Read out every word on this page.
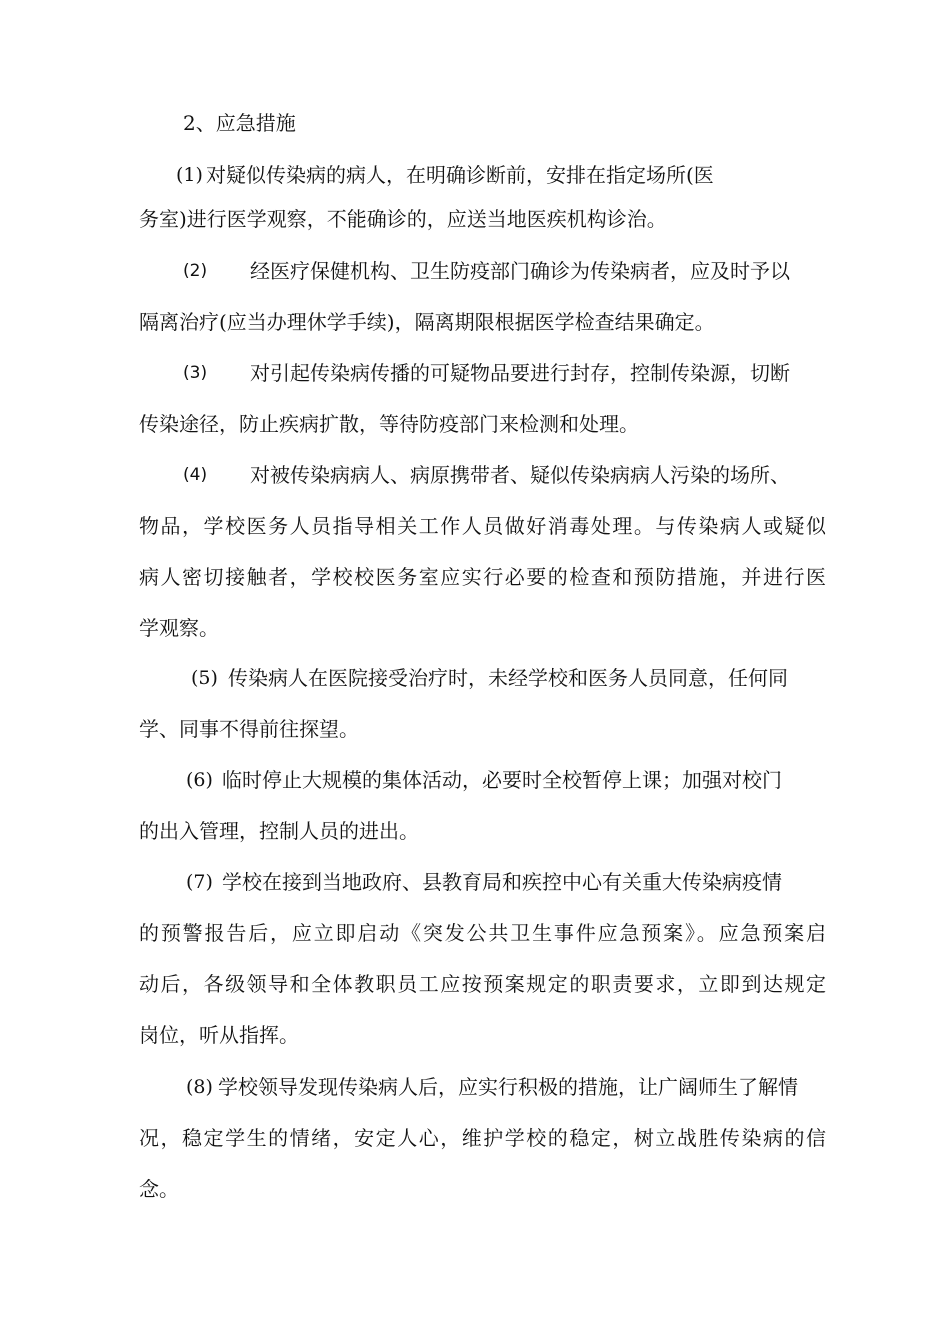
2、应急措施
(1) 对疑似传染病的病人，在明确诊断前，安排在指定场所(医
务室)进行医学观察，不能确诊的，应送当地医疾机构诊治。
(2) 经医疗保健机构、卫生防疫部门确诊为传染病者，应及时予以
隔离治疗(应当办理休学手续)，隔离期限根据医学检查结果确定。
(3) 对引起传染病传播的可疑物品要进行封存，控制传染源，切断
传染途径，防止疾病扩散，等待防疫部门来检测和处理。
(4) 对被传染病病人、病原携带者、疑似传染病病人污染的场所、
物品，学校医务人员指导相关工作人员做好消毒处理。与传染病人或疑似
病人密切接触者，学校校医务室应实行必要的检查和预防措施，并进行医
学观察。
(5) 传染病人在医院接受治疗时，未经学校和医务人员同意，任何同
学、同事不得前往探望。
(6) 临时停止大规模的集体活动，必要时全校暂停上课；加强对校门
的出入管理，控制人员的进出。
(7) 学校在接到当地政府、县教育局和疾控中心有关重大传染病疫情
的预警报告后，应立即启动《突发公共卫生事件应急预案》。应急预案启
动后，各级领导和全体教职员工应按预案规定的职责要求，立即到达规定
岗位，听从指挥。
(8) 学校领导发现传染病人后，应实行积极的措施，让广阔师生了解情
况，稳定学生的情绪，安定人心，维护学校的稳定，树立战胜传染病的信
念。
